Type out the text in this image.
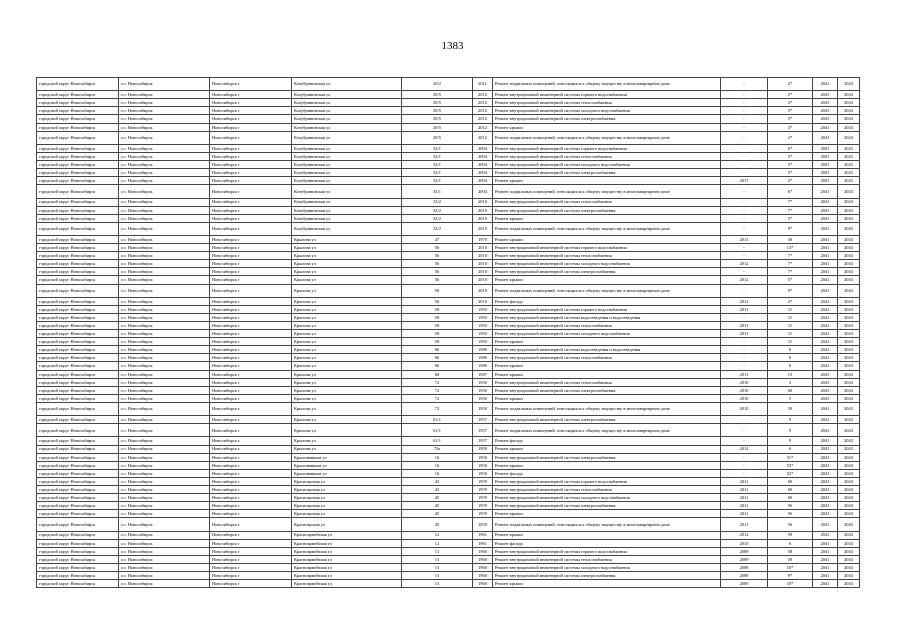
1383
городской округ Новосибирск	г.о. Новосибирск	Новосибирск г	Кочубрининская ул	29/2	2011	Ремонт подвальных помещений, относящихся к общему имуществу в многоквартирном доме	-	2*	2041	2043
городской округ Новосибирск	г.о. Новосибирск	Новосибирск г	Кочубрининская ул	29/5	2012	Ремонт внутридомовой инженерной системы горячего водоснабжения	-	2*	2041	2043
городской округ Новосибирск	г.о. Новосибирск	Новосибирск г	Кочубрининская ул	29/5	2012	Ремонт внутридомовой инженерной системы теплоснабжения	-	4*	2041	2043
городской округ Новосибирск	г.о. Новосибирск	Новосибирск г	Кочубрининская ул	29/5	2012	Ремонт внутридомовой инженерной системы холодного водоснабжения	-	3*	2041	2043
городской округ Новосибирск	г.о. Новосибирск	Новосибирск г	Кочубрининская ул	29/5	2012	Ремонт внутридомовой инженерной системы электроснабжения	-	3*	2041	2043
городской округ Новосибирск	г.о. Новосибирск	Новосибирск г	Кочубрининская ул	29/5	2012	Ремонт крыши	-	3*	2041	2043
городской округ Новосибирск	г.о. Новосибирск	Новосибирск г	Кочубрининская ул	29/5	2012	Ремонт подвальных помещений, относящихся к общему имуществу в многоквартирном доме	-	2*	2041	2043
городской округ Новосибирск	г.о. Новосибирск	Новосибирск г	Кочубрининская ул	33/1	2004	Ремонт внутридомовой инженерной системы горячего водоснабжения	-	6*	2041	2043
городской округ Новосибирск	г.о. Новосибирск	Новосибирск г	Кочубрининская ул	33/1	2004	Ремонт внутридомовой инженерной системы теплоснабжения	-	5*	2041	2043
городской округ Новосибирск	г.о. Новосибирск	Новосибирск г	Кочубрининская ул	33/1	2004	Ремонт внутридомовой инженерной системы холодного водоснабжения	-	5*	2041	2043
городской округ Новосибирск	г.о. Новосибирск	Новосибирск г	Кочубрининская ул	33/1	2004	Ремонт внутридомовой инженерной системы электроснабжения	-	5*	2041	2043
городской округ Новосибирск	г.о. Новосибирск	Новосибирск г	Кочубрининская ул	33/1	2004	Ремонт крыши	2017	2*	2041	2043
городской округ Новосибирск	г.о. Новосибирск	Новосибирск г	Кочубрининская ул	33/1	2004	Ремонт подвальных помещений, относящихся к общему имуществу в многоквартирном доме	-	6*	2041	2043
городской округ Новосибирск	г.о. Новосибирск	Новосибирск г	Кочубрининская ул	33/2	2010	Ремонт внутридомовой инженерной системы теплоснабжения	-	7*	2041	2043
городской округ Новосибирск	г.о. Новосибирск	Новосибирск г	Кочубрининская ул	33/2	2010	Ремонт внутридомовой инженерной системы электроснабжения	-	7*	2041	2043
городской округ Новосибирск	г.о. Новосибирск	Новосибирск г	Кочубрининская ул	33/2	2010	Ремонт крыши	-	5*	2041	2043
городской округ Новосибирск	г.о. Новосибирск	Новосибирск г	Кочубрининская ул	33/2	2010	Ремонт подвальных помещений, относящихся к общему имуществу в многоквартирном доме	-	9*	2041	2043
городской округ Новосибирск	г.о. Новосибирск	Новосибирск г	Крылова ул	47	1970	Ремонт крыши	2013	30	2041	2043
городской округ Новосибирск	г.о. Новосибирск	Новосибирск г	Крылова ул	56	2010	Ремонт внутридомовой инженерной системы горячего водоснабжения	-	13*	2041	2043
городской округ Новосибирск	г.о. Новосибирск	Новосибирск г	Крылова ул	56	2010	Ремонт внутридомовой инженерной системы теплоснабжения	-	7*	2041	2043
городской округ Новосибирск	г.о. Новосибирск	Новосибирск г	Крылова ул	56	2010	Ремонт внутридомовой инженерной системы холодного водоснабжения	2012	7*	2041	2043
городской округ Новосибирск	г.о. Новосибирск	Новосибирск г	Крылова ул	56	2010	Ремонт внутридомовой инженерной системы электроснабжения	-	7*	2041	2043
городской округ Новосибирск	г.о. Новосибирск	Новосибирск г	Крылова ул	56	2010	Ремонт крыши	2012	5*	2041	2043
городской округ Новосибирск	г.о. Новосибирск	Новосибирск г	Крылова ул	56	2010	Ремонт подвальных помещений, относящихся к общему имуществу в многоквартирном доме	-	9*	2041	2043
городской округ Новосибирск	г.о. Новосибирск	Новосибирск г	Крылова ул	56	2010	Ремонт фасада	2012	2*	2041	2043
городской округ Новосибирск	г.о. Новосибирск	Новосибирск г	Крылова ул	58	1993	Ремонт внутридомовой инженерной системы горячего водоснабжения	2011	11	2041	2043
городской округ Новосибирск	г.о. Новосибирск	Новосибирск г	Крылова ул	58	1993	Ремонт внутридомовой инженерной системы водоотведения и водоотведения	-	11	2041	2043
городской округ Новосибирск	г.о. Новосибирск	Новосибирск г	Крылова ул	58	1993	Ремонт внутридомовой инженерной системы теплоснабжения	2011	11	2041	2043
городской округ Новосибирск	г.о. Новосибирск	Новосибирск г	Крылова ул	58	1993	Ремонт внутридомовой инженерной системы холодного водоснабжения	2011	11	2041	2043
городской округ Новосибирск	г.о. Новосибирск	Новосибирск г	Крылова ул	58	1993	Ремонт крыши	-	11	2041	2043
городской округ Новосибирск	г.о. Новосибирск	Новосибирск г	Крылова ул	60	1986	Ремонт внутридомовой инженерной системы водоотведения и водоотведения	-	6	2041	2043
городской округ Новосибирск	г.о. Новосибирск	Новосибирск г	Крылова ул	60	1986	Ремонт внутридомовой инженерной системы теплоснабжения	-	6	2041	2043
городской округ Новосибирск	г.о. Новосибирск	Новосибирск г	Крылова ул	60	1986	Ремонт крыши	-	6	2041	2043
городской округ Новосибирск	г.о. Новосибирск	Новосибирск г	Крылова ул	68	1987	Ремонт крыши	2013	15	2041	2043
городской округ Новосибирск	г.о. Новосибирск	Новосибирск г	Крылова ул	72	1950	Ремонт внутридомовой инженерной системы теплоснабжения	2010	3	2041	2043
городской округ Новосибирск	г.о. Новосибирск	Новосибирск г	Крылова ул	72	1950	Ремонт внутридомовой инженерной системы электроснабжения	2010	60	2041	2043
городской округ Новосибирск	г.о. Новосибирск	Новосибирск г	Крылова ул	72	1950	Ремонт крыши	2010	5	2041	2043
городской округ Новосибирск	г.о. Новосибирск	Новосибирск г	Крылова ул	72	1950	Ремонт подвальных помещений, относящихся к общему имуществу в многоквартирном доме	2010	39	2041	2043
городской округ Новосибирск	г.о. Новосибирск	Новосибирск г	Крылова ул	61/1	1957	Ремонт внутридомовой инженерной системы электроснабжения	-	9	2041	2043
городской округ Новосибирск	г.о. Новосибирск	Новосибирск г	Крылова ул	61/1	1957	Ремонт подвальных помещений, относящихся к общему имуществу в многоквартирном доме	-	9	2041	2043
городской округ Новосибирск	г.о. Новосибирск	Новосибирск г	Крылова ул	61/1	1957	Ремонт фасада	-	9	2041	2043
городской округ Новосибирск	г.о. Новосибирск	Новосибирск г	Крылова ул	72а	1950	Ремонт крыши	2014	6	2041	2043
городской округ Новосибирск	г.о. Новосибирск	Новосибирск г	Крыловникова ул	16	1950	Ремонт внутридомовой инженерной системы электроснабжения	-	51*	2041	2043
городской округ Новосибирск	г.о. Новосибирск	Новосибирск г	Крыловникова ул	16	1950	Ремонт крыши	-	53*	2041	2043
городской округ Новосибирск	г.о. Новосибирск	Новосибирск г	Крыловникова ул	16	1950	Ремонт фасада	-	52*	2041	2043
городской округ Новосибирск	г.о. Новосибирск	Новосибирск г	Красноярская ул	43	1959	Ремонт внутридомовой инженерной системы горячего водоснабжения	2011	60	2041	2043
городской округ Новосибирск	г.о. Новосибирск	Новосибирск г	Красноярская ул	43	1959	Ремонт внутридомовой инженерной системы теплоснабжения	2011	60	2041	2043
городской округ Новосибирск	г.о. Новосибирск	Новосибирск г	Красноярская ул	45	1959	Ремонт внутридомовой инженерной системы холодного водоснабжения	2011	60	2041	2043
городской округ Новосибирск	г.о. Новосибирск	Новосибирск г	Красноярская ул	45	1959	Ремонт внутридомовой инженерной системы электроснабжения	2011	56	2041	2043
городской округ Новосибирск	г.о. Новосибирск	Новосибирск г	Красноярская ул	45	1959	Ремонт крыши	2011	56	2041	2043
городской округ Новосибирск	г.о. Новосибирск	Новосибирск г	Красноярская ул	45	1959	Ремонт подвальных помещений, относящихся к общему имуществу в многоквартирном доме	2011	56	2041	2043
городской округ Новосибирск	г.о. Новосибирск	Новосибирск г	Красноармейская ул	12	1961	Ремонт крыши	2012	59	2041	2043
городской округ Новосибирск	г.о. Новосибирск	Новосибирск г	Красноармейская ул	12	1961	Ремонт фасада	2010	6	2041	2043
городской округ Новосибирск	г.о. Новосибирск	Новосибирск г	Красноармейская ул	13	1960	Ремонт внутридомовой инженерной системы горячего водоснабжения	2009	58	2041	2043
городской округ Новосибирск	г.о. Новосибирск	Новосибирск г	Красноармейская ул	13	1960	Ремонт внутридомовой инженерной системы теплоснабжения	2009	59	2041	2043
городской округ Новосибирск	г.о. Новосибирск	Новосибирск г	Красноармейская ул	13	1960	Ремонт внутридомовой инженерной системы холодного водоснабжения	2008	10*	2041	2043
городской округ Новосибирск	г.о. Новосибирск	Новосибирск г	Красноармейская ул	13	1960	Ремонт внутридомовой инженерной системы электроснабжения	2008	9*	2041	2043
городской округ Новосибирск	г.о. Новосибирск	Новосибирск г	Красноармейская ул	13	1960	Ремонт крыши	2009	10*	2041	2043
